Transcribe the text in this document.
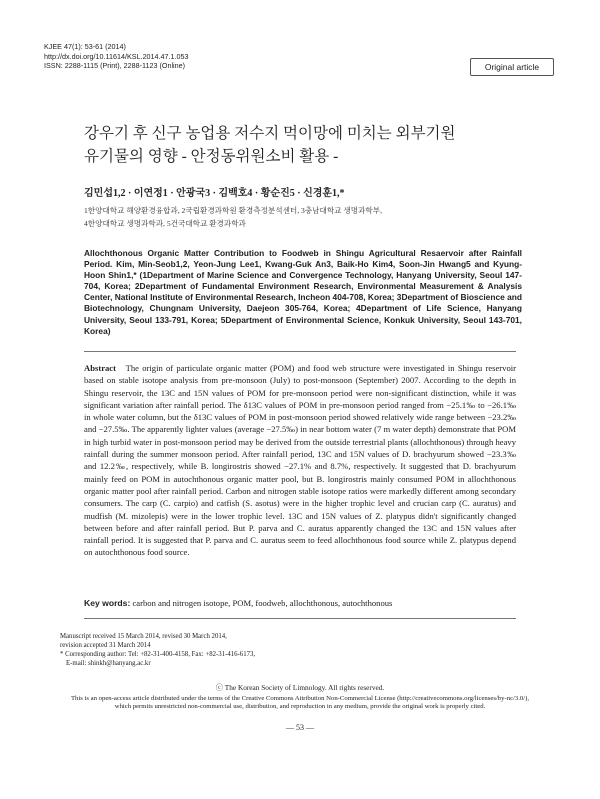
KJEE 47(1): 53-61 (2014)
http://dx.doi.org/10.11614/KSL.2014.47.1.053
ISSN: 2288-1115 (Print), 2288-1123 (Online)	Original article
강우기 후 신구 농업용 저수지 먹이망에 미치는 외부기원
유기물의 영향 - 안정동위원소비 활용 -
김민섭1,2 · 이연정1 · 안광국3 · 김백호4 · 황순진5 · 신경훈1,*
1한양대학교 해양환경융합과, 2국립환경과학원 환경측정분석센터, 3충남대학교 생명과학부,
4한양대학교 생명과학과, 5건국대학교 환경과학과
Allochthonous Organic Matter Contribution to Foodweb in Shingu Agricultural Resaervoir after Rainfall Period. Kim, Min-Seob1,2, Yeon-Jung Lee1, Kwang-Guk An3, Baik-Ho Kim4, Soon-Jin Hwang5 and Kyung-Hoon Shin1,* (1Department of Marine Science and Convergence Technology, Hanyang University, Seoul 147-704, Korea; 2Department of Fundamental Environment Research, Environmental Measurement & Analysis Center, National Institute of Environmental Research, Incheon 404-708, Korea; 3Department of Bioscience and Biotechnology, Chungnam University, Daejeon 305-764, Korea; 4Department of Life Science, Hanyang University, Seoul 133-791, Korea; 5Department of Environmental Science, Konkuk University, Seoul 143-701, Korea)
Abstract The origin of particulate organic matter (POM) and food web structure were investigated in Shingu reservoir based on stable isotope analysis from pre-monsoon (July) to post-monsoon (September) 2007. According to the depth in Shingu reservoir, the 13C and 15N values of POM for pre-monsoon period were non-significant distinction, while it was significant variation after rainfall period. The δ13C values of POM in pre-monsoon period ranged from −25.1‰ to −26.1‰ in whole water column, but the δ13C values of POM in post-monsoon period showed relatively wide range between −23.2‰ and −27.5‰. The apparently lighter values (average −27.5‰) in near bottom water (7 m water depth) demonstrate that POM in high turbid water in post-monsoon period may be derived from the outside terrestrial plants (allochthonous) through heavy rainfall during the summer monsoon period. After rainfall period, 13C and 15N values of D. brachyurum showed −23.3‰ and 12.2‰, respectively, while B. longirostris showed −27.1% and 8.7%, respectively. It suggested that D. brachyurum mainly feed on POM in autochthonous organic matter pool, but B. longirostris mainly consumed POM in allochthonous organic matter pool after rainfall period. Carbon and nitrogen stable isotope ratios were markedly different among secondary consumers. The carp (C. carpio) and catfish (S. asotus) were in the higher trophic level and crucian carp (C. auratus) and mudfish (M. mizolepis) were in the lower trophic level. 13C and 15N values of Z. platypus didn't significantly changed between before and after rainfall period. But P. parva and C. auratus apparently changed the 13C and 15N values after rainfall period. It is suggested that P. parva and C. auratus seem to feed allochthonous food source while Z. platypus depend on autochthonous food source.
Key words: carbon and nitrogen isotope, POM, foodweb, allochthonous, autochthonous
Manuscript received 15 March 2014, revised 30 March 2014,
revision accepted 31 March 2014
* Corresponding author: Tel: +82-31-400-4158, Fax: +82-31-416-6173,
E-mail: shinkh@hanyang.ac.kr
ⓒ The Korean Society of Limnology. All rights reserved.
This is an open-access article distributed under the terms of the Creative Commons Attribution Non-Commercial License (http://creativecommons.org/licenses/by-nc/3.0/),
which permits unrestricted non-commercial use, distribution, and reproduction in any medium, provide the original work is properly cited.
— 53 —
